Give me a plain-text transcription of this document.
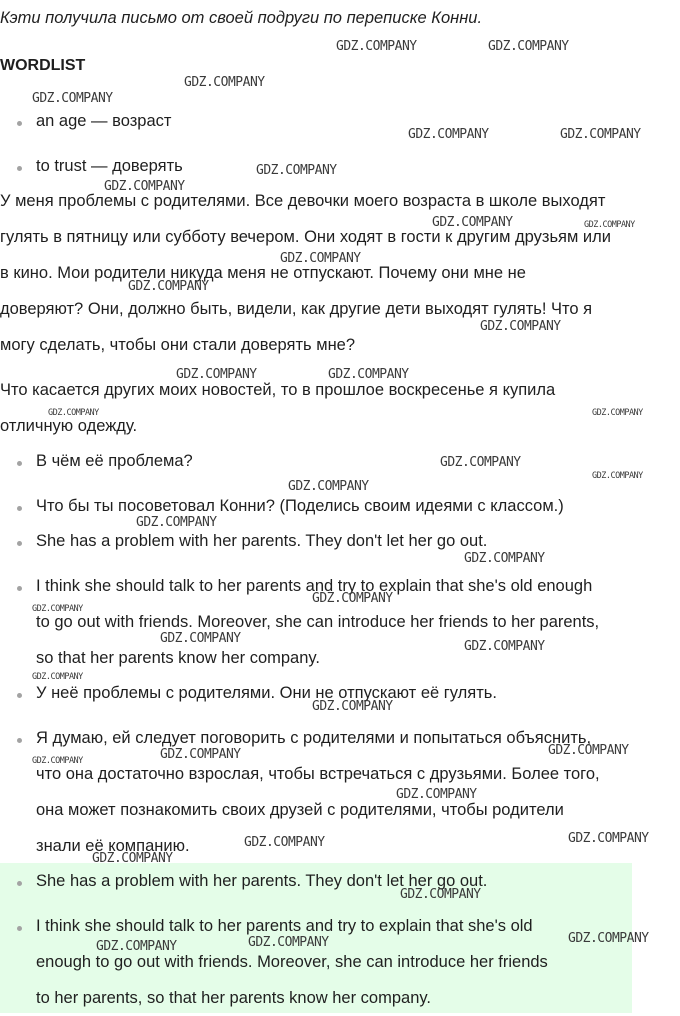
Кэти получила письмо от своей подруги по переписке Конни.
WORDLIST
an age — возраст
to trust — доверять
У меня проблемы с родителями. Все девочки моего возраста в школе выходят
гулять в пятницу или субботу вечером. Они ходят в гости к другим друзьям или
в кино. Мои родители никуда меня не отпускают. Почему они мне не
доверяют? Они, должно быть, видели, как другие дети выходят гулять! Что я
могу сделать, чтобы они стали доверять мне?
Что касается других моих новостей, то в прошлое воскресенье я купила
отличную одежду.
В чём её проблема?
Что бы ты посоветовал Конни? (Поделись своим идеями с классом.)
She has a problem with her parents. They don't let her go out.
I think she should talk to her parents and try to explain that she's old enough
to go out with friends. Moreover, she can introduce her friends to her parents,
so that her parents know her company.
У неё проблемы с родителями. Они не отпускают её гулять.
Я думаю, ей следует поговорить с родителями и попытаться объяснить,
что она достаточно взрослая, чтобы встречаться с друзьями. Более того,
она может познакомить своих друзей с родителями, чтобы родители
знали её компанию.
She has a problem with her parents. They don't let her go out.
I think she should talk to her parents and try to explain that she's old
enough to go out with friends. Moreover, she can introduce her friends
to her parents, so that her parents know her company.
GDZ.COMPANY	GDZ.COMPANY
GDZ.COMPANY
GDZ.COMPANY
GDZ.COMPANY	GDZ.COMPANY
GDZ.COMPANY
GDZ.COMPANY
GDZ.COMPANY	GDZ.COMPANY
GDZ.COMPANY
GDZ.COMPANY
GDZ.COMPANY
GDZ.COMPANY	GDZ.COMPANY
GDZ.COMPANY	GDZ.COMPANY
GDZ.COMPANY
GDZ.COMPANY
GDZ.COMPANY
GDZ.COMPANY
GDZ.COMPANY
GDZ.COMPANY
GDZ.COMPANY
GDZ.COMPANY
GDZ.COMPANY
GDZ.COMPANY
GDZ.COMPANY
GDZ.COMPANY
GDZ.COMPANY
GDZ.COMPANY
GDZ.COMPANY
GDZ.COMPANY
GDZ.COMPANY
GDZ.COMPANY
GDZ.COMPANY
GDZ.COMPANY
GDZ.COMPANY
GDZ.COMPANY
